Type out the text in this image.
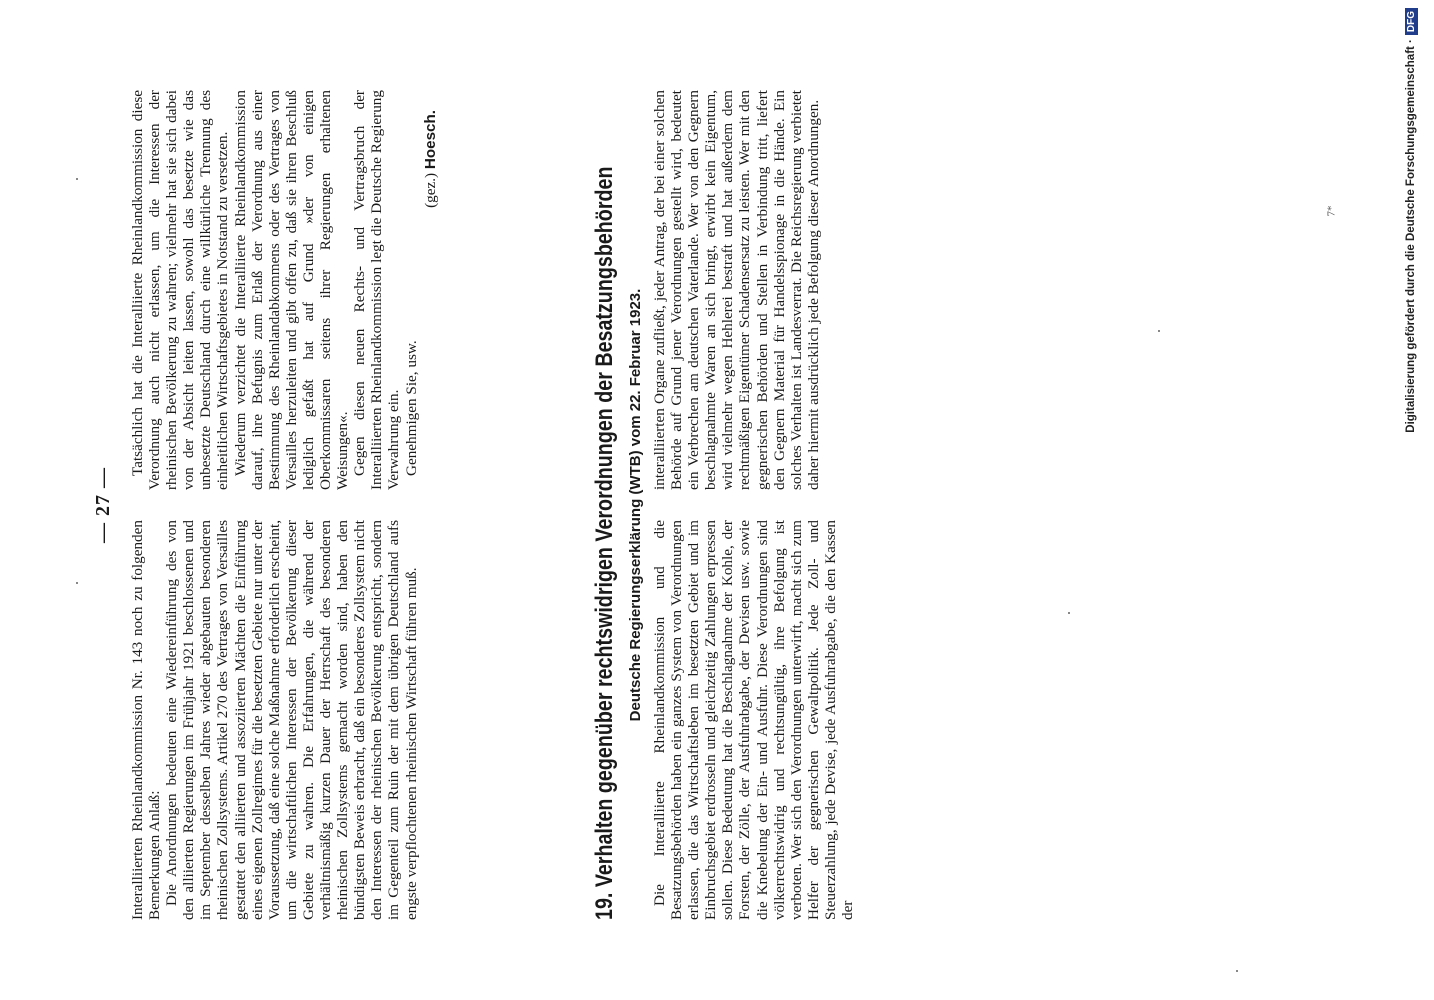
— 27 —

Interalliierten Rheinlandkommission Nr. 143 noch zu folgenden Bemerkungen Anlaß: Die Anordnungen bedeuten eine Wiedereinführung des von den alliierten Regierungen im Frühjahr 1921 beschlossenen und im September desselben Jahres wieder abgebauten besonderen rheinischen Zollsystems. Artikel 270 des Vertrages von Versailles gestattet den alliierten und assoziierten Mächten die Einführung eines eigenen Zollregimes für die besetzten Gebiete nur unter der Voraussetzung, daß eine solche Maßnahme erforderlich erscheint, um die wirtschaftlichen Interessen der Bevölkerung dieser Gebiete zu wahren. Die Erfahrungen, die während der verhältnismäßig kurzen Dauer der Herrschaft des besonderen rheinischen Zollsystems gemacht worden sind, haben den bündigsten Beweis erbracht, daß ein besonderes Zollsystem nicht den Interessen der rheinischen Bevölkerung entspricht, sondern im Gegenteil zum Ruin der mit dem übrigen Deutschland aufs engste verpflochtenen rheinischen Wirtschaft führen muß.

Tatsächlich hat die Interalliierte Rheinlandkommission diese Verordnung auch nicht erlassen, um die Interessen der rheinischen Bevölkerung zu wahren; vielmehr hat sie sich dabei von der Absicht leiten lassen, sowohl das besetzte wie das unbesetzte Deutschland durch eine willkürliche Trennung des einheitlichen Wirtschaftsgebietes in Notstand zu versetzen. Wiederum verzichtet die Interalliierte Rheinlandkommission darauf, ihre Befugnis zum Erlaß der Verordnung aus einer Bestimmung des Rheinlandabkommens oder des Vertrages von Versailles herzuleiten und gibt offen zu, daß sie ihren Beschluß lediglich gefaßt hat auf Grund »der von einigen Oberkommissaren seitens ihrer Regierungen erhaltenen Weisungen«. Gegen diesen neuen Rechts- und Vertragsbruch der Interalliierten Rheinlandkommission legt die Deutsche Regierung Verwahrung ein. Genehmigen Sie, usw.

(gez.) Hoesch.
19. Verhalten gegenüber rechtswidrigen Verordnungen der Besatzungsbehörden Deutsche Regierungserklärung (WTB) vom 22. Februar 1923. Die Interalliierte Rheinlandkommission und die Besatzungsbehörden haben ein ganzes System von Verordnungen erlassen, die das Wirtschaftsleben im besetzten Gebiet und im Einbruchsgebiet erdrosseln und gleichzeitig Zahlungen erpressen sollen. Diese Bedeutung hat die Beschlagnahme der Kohle, der Forsten, der Zölle, der Ausfuhrabgabe, der Devisen usw. sowie die Knebelung der Ein- und Ausfuhr. Diese Verordnungen sind völkerrechtswidrig und rechtsungültig, ihre Befolgung ist verboten. Wer sich den Verordnungen unterwirft, macht sich zum Helfer der gegnerischen Gewaltpolitik. Jede Zoll- und Steuerzahlung, jede Devise, jede Ausfuhrabgabe, die den Kassen der

interalliierten Organe zufließt, jeder Antrag, der bei einer solchen Behörde auf Grund jener Verordnungen gestellt wird, bedeutet ein Verbrechen am deutschen Vaterlande. Wer von den Gegnern beschlagnahmte Waren an sich bringt, erwirbt kein Eigentum, wird vielmehr wegen Hehlerei bestraft und hat außerdem dem rechtmäßigen Eigentümer Schadensersatz zu leisten. Wer mit den gegnerischen Behörden und Stellen in Verbindung tritt, liefert den Gegnern Material für Handelsspionage in die Hände. Ein solches Verhalten ist Landesverrat. Die Reichsregierung verbietet daher hiermit ausdrücklich jede Befolgung dieser Anordnungen.	7*	Digitalisierung gefördert durch die Deutsche Forschungsgemeinschaft ·
DFG
